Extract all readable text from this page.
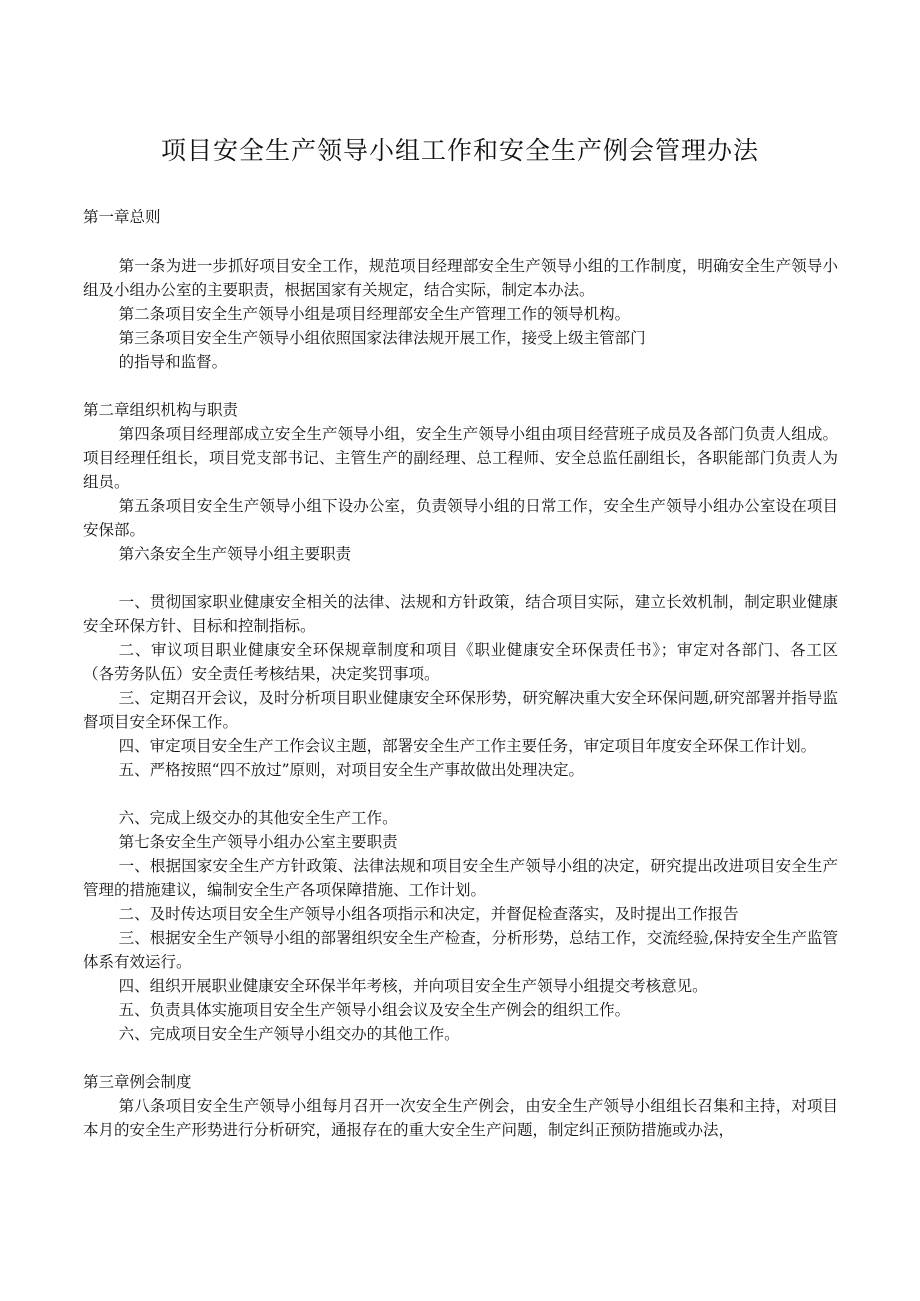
项目安全生产领导小组工作和安全生产例会管理办法

第一章总则

第一条为进一步抓好项目安全工作，规范项目经理部安全生产领导小组的工作制度，明确安全生产领导小组及小组办公室的主要职责，根据国家有关规定，结合实际，制定本办法。

第二条项目安全生产领导小组是项目经理部安全生产管理工作的领导机构。

第三条项目安全生产领导小组依照国家法律法规开展工作，接受上级主管部门

的指导和监督。

第二章组织机构与职责

第四条项目经理部成立安全生产领导小组，安全生产领导小组由项目经营班子成员及各部门负责人组成。项目经理任组长，项目党支部书记、主管生产的副经理、总工程师、安全总监任副组长，各职能部门负责人为组员。

第五条项目安全生产领导小组下设办公室，负责领导小组的日常工作，安全生产领导小组办公室设在项目安保部。

第六条安全生产领导小组主要职责

一、贯彻国家职业健康安全相关的法律、法规和方针政策，结合项目实际，建立长效机制，制定职业健康安全环保方针、目标和控制指标。

二、审议项目职业健康安全环保规章制度和项目《职业健康安全环保责任书》；审定对各部门、各工区（各劳务队伍）安全责任考核结果，决定奖罚事项。

三、定期召开会议，及时分析项目职业健康安全环保形势，研究解决重大安全环保问题,研究部署并指导监督项目安全环保工作。

四、审定项目安全生产工作会议主题，部署安全生产工作主要任务，审定项目年度安全环保工作计划。

五、严格按照“四不放过”原则，对项目安全生产事故做出处理决定。

六、完成上级交办的其他安全生产工作。

第七条安全生产领导小组办公室主要职责

一、根据国家安全生产方针政策、法律法规和项目安全生产领导小组的决定，研究提出改进项目安全生产管理的措施建议，编制安全生产各项保障措施、工作计划。

二、及时传达项目安全生产领导小组各项指示和决定，并督促检查落实，及时提出工作报告

三、根据安全生产领导小组的部署组织安全生产检查，分析形势，总结工作，交流经验,保持安全生产监管体系有效运行。

四、组织开展职业健康安全环保半年考核，并向项目安全生产领导小组提交考核意见。

五、负责具体实施项目安全生产领导小组会议及安全生产例会的组织工作。

六、完成项目安全生产领导小组交办的其他工作。

第三章例会制度

第八条项目安全生产领导小组每月召开一次安全生产例会，由安全生产领导小组组长召集和主持，对项目本月的安全生产形势进行分析研究，通报存在的重大安全生产问题，制定纠正预防措施或办法，
